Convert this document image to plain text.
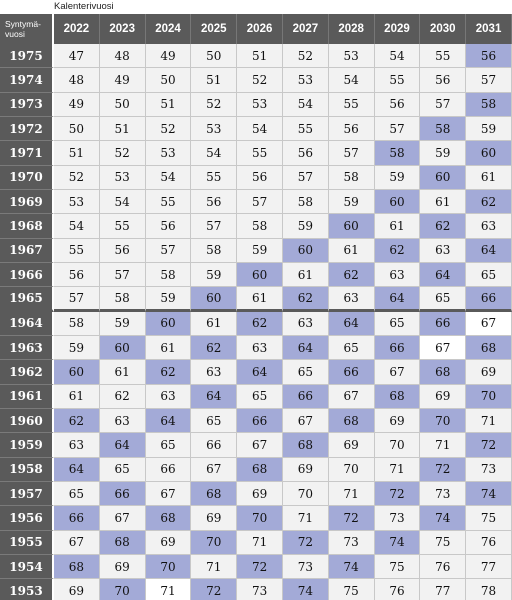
Kalenterivuosi
Syntymä-
vuosi	2022	2023	2024	2025	2026	2027	2028	2029	2030	2031
1975	47	48	49	50	51	52	53	54	55	56
1974	48	49	50	51	52	53	54	55	56	57
1973	49	50	51	52	53	54	55	56	57	58
1972	50	51	52	53	54	55	56	57	58	59
1971	51	52	53	54	55	56	57	58	59	60
1970	52	53	54	55	56	57	58	59	60	61
1969	53	54	55	56	57	58	59	60	61	62
1968	54	55	56	57	58	59	60	61	62	63
1967	55	56	57	58	59	60	61	62	63	64
1966	56	57	58	59	60	61	62	63	64	65
1965	57	58	59	60	61	62	63	64	65	66
1964	58	59	60	61	62	63	64	65	66	67
1963	59	60	61	62	63	64	65	66	67	68
1962	60	61	62	63	64	65	66	67	68	69
1961	61	62	63	64	65	66	67	68	69	70
1960	62	63	64	65	66	67	68	69	70	71
1959	63	64	65	66	67	68	69	70	71	72
1958	64	65	66	67	68	69	70	71	72	73
1957	65	66	67	68	69	70	71	72	73	74
1956	66	67	68	69	70	71	72	73	74	75
1955	67	68	69	70	71	72	73	74	75	76
1954	68	69	70	71	72	73	74	75	76	77
1953	69	70	71	72	73	74	75	76	77	78
